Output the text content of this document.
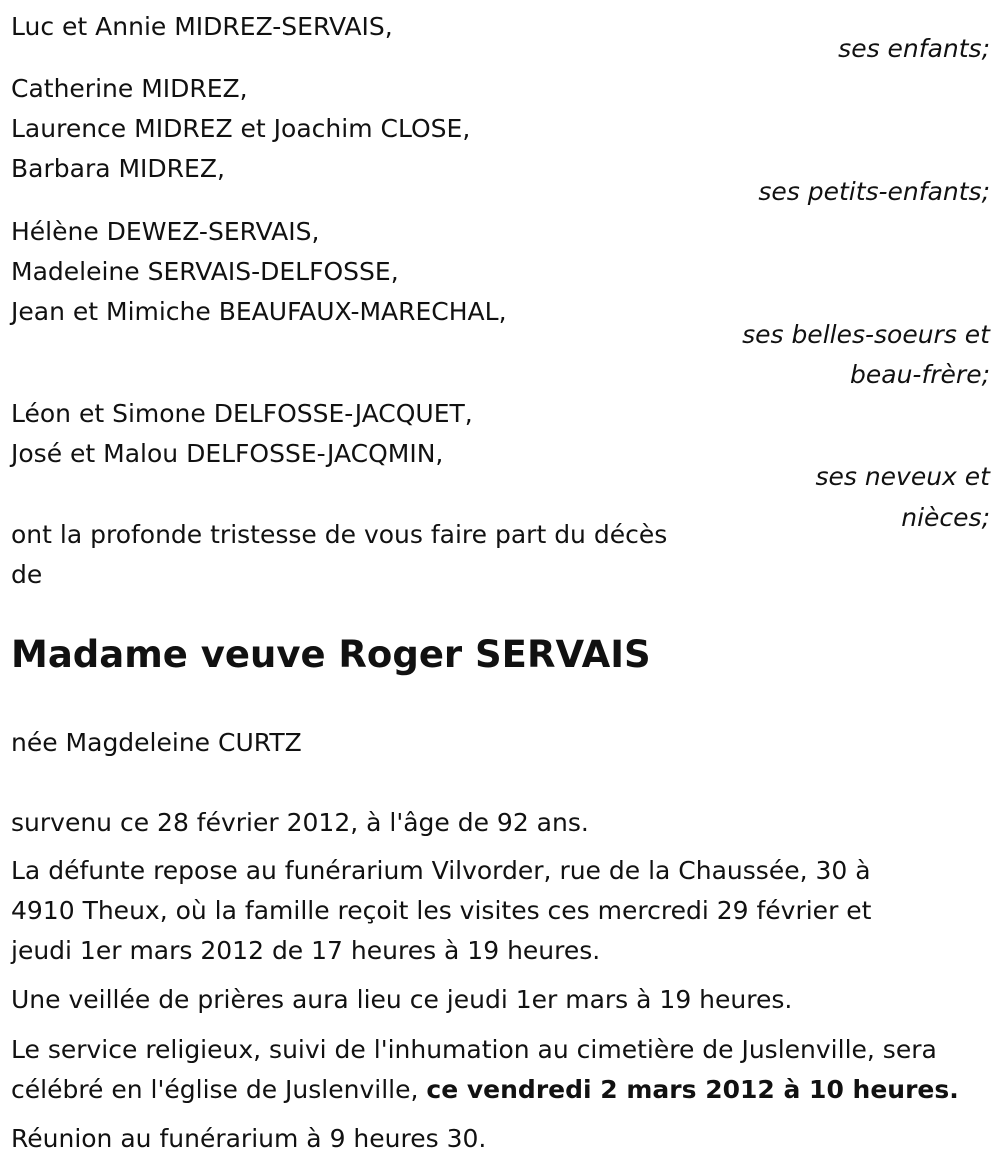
Luc et Annie MIDREZ-SERVAIS,
ses enfants;
Catherine MIDREZ,
Laurence MIDREZ et Joachim CLOSE,
Barbara MIDREZ,
ses petits-enfants;
Hélène DEWEZ-SERVAIS,
Madeleine SERVAIS-DELFOSSE,
Jean et Mimiche BEAUFAUX-MARECHAL,
ses belles-soeurs et
beau-frère;
Léon et Simone DELFOSSE-JACQUET,
José et Malou DELFOSSE-JACQMIN,
ses neveux et
nièces;
ont la profonde tristesse de vous faire part du décès
de
Madame veuve Roger SERVAIS
née Magdeleine CURTZ
survenu ce 28 février 2012, à l'âge de 92 ans.
La défunte repose au funérarium Vilvorder, rue de la Chaussée, 30 à
4910 Theux, où la famille reçoit les visites ces mercredi 29 février et
jeudi 1er mars 2012 de 17 heures à 19 heures.
Une veillée de prières aura lieu ce jeudi 1er mars à 19 heures.
Le service religieux, suivi de l'inhumation au cimetière de Juslenville, sera
célébré en l'église de Juslenville, ce vendredi 2 mars 2012 à 10 heures.
Réunion au funérarium à 9 heures 30.
